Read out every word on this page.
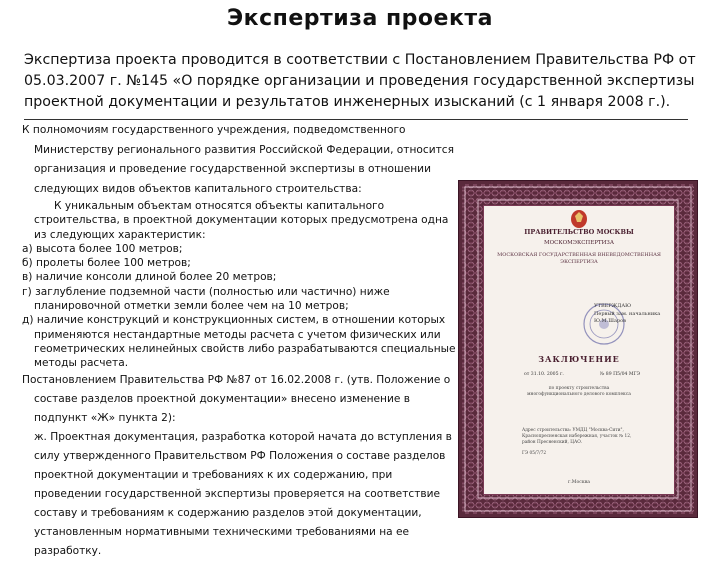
Экспертиза проекта

Экспертиза проекта проводится в соответствии с Постановлением Правительства РФ от 05.03.2007 г. №145 «О порядке организации и проведения государственной экспертизы проектной документации и результатов инженерных изысканий (с 1 января 2008 г.).

К полномочиям государственного учреждения, подведомственного Министерству регионального развития Российской Федерации, относится организация и проведение государственной экспертизы в отношении следующих видов объектов капитального строительства:

К уникальным объектам относятся объекты капитального строительства, в проектной документации которых предусмотрена одна из следующих характеристик:

а) высота более 100 метров;
б) пролеты более 100 метров;
в) наличие консоли длиной более 20 метров;
г) заглубление подземной части (полностью или частично) ниже планировочной отметки земли более чем на 10 метров;
д) наличие конструкций и конструкционных систем, в отношении которых применяются нестандартные методы расчета с учетом физических или геометрических нелинейных свойств либо разрабатываются специальные методы расчета.

Постановлением Правительства РФ №87 от 16.02.2008 г. (утв. Положение о составе разделов проектной документации» внесено изменение в подпункт «Ж» пункта 2):

ж. Проектная документация, разработка которой начата до вступления в силу утвержденного Правительством РФ Положения о составе разделов проектной документации и требованиях к их содержанию, при проведении государственной экспертизы проверяется на соответствие составу и требованиям к содержанию разделов этой документации, установленным нормативными техническими требованиями на ее разработку.

ПРАВИТЕЛЬСТВО МОСКВЫ
МОСКОМЭКСПЕРТИЗА
МОСКОВСКАЯ ГОСУДАРСТВЕННАЯ ВНЕВЕДОМСТВЕННАЯ ЭКСПЕРТИЗА
УТВЕРЖДАЮ
Первый зам. начальника
Ю.М.Шаров
ЗАКЛЮЧЕНИЕ
от 31.10. 2005 г.	№ 89 П5/04 МГЭ
по проекту строительства многофункционального делового комплекса
Адрес строительства: УМДЦ "Москва-Сити", Краснопресненская набережная, участок № 12, район Пресненский, ЦАО.
ГЭ 05/7/72
г.Москва
